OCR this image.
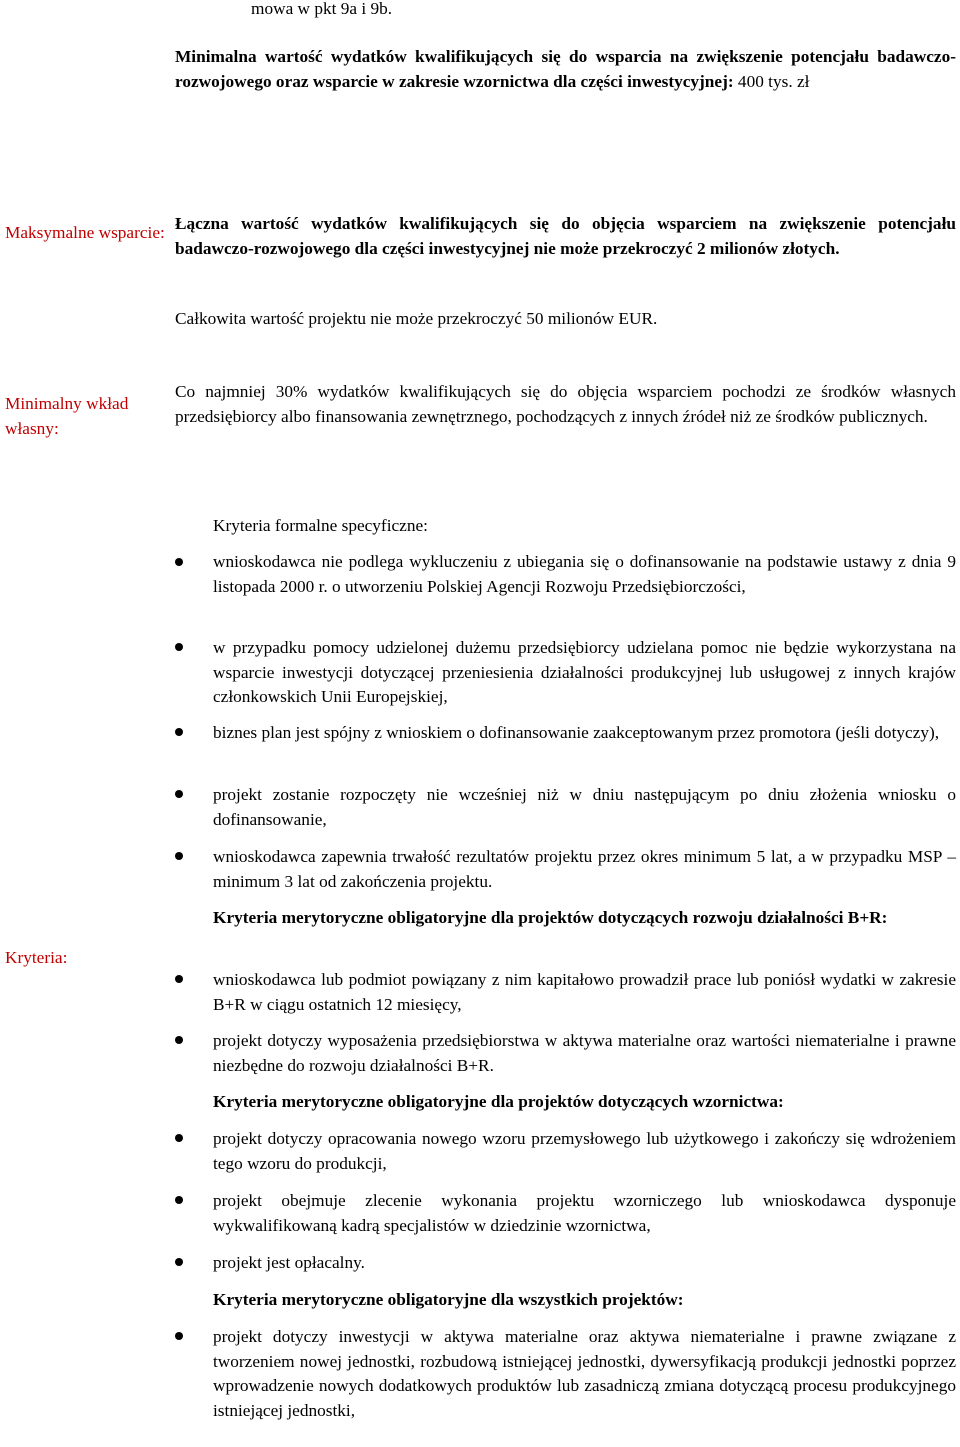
mowa w pkt 9a i 9b.

Minimalna wartość wydatków kwalifikujących się do wsparcia na zwiększenie potencjału badawczo-rozwojowego oraz wsparcie w zakresie wzornictwa dla części inwestycyjnej: 400 tys. zł

Maksymalne wsparcie: Łączna wartość wydatków kwalifikujących się do objęcia wsparciem na zwiększenie potencjału badawczo-rozwojowego dla części inwestycyjnej nie może przekroczyć 2 milionów złotych.

Całkowita wartość projektu nie może przekroczyć 50 milionów EUR.

Minimalny wkład własny:

Co najmniej 30% wydatków kwalifikujących się do objęcia wsparciem pochodzi ze środków własnych przedsiębiorcy albo finansowania zewnętrznego, pochodzących z innych źródeł niż ze środków publicznych.

Kryteria:
Kryteria formalne specyficzne:

wnioskodawca nie podlega wykluczeniu z ubiegania się o dofinansowanie na podstawie ustawy z dnia 9 listopada 2000 r. o utworzeniu Polskiej Agencji Rozwoju Przedsiębiorczości,

w przypadku pomocy udzielonej dużemu przedsiębiorcy udzielana pomoc nie będzie wykorzystana na wsparcie inwestycji dotyczącej przeniesienia działalności produkcyjnej lub usługowej z innych krajów członkowskich Unii Europejskiej,

biznes plan jest spójny z wnioskiem o dofinansowanie zaakceptowanym przez promotora (jeśli dotyczy),

projekt zostanie rozpoczęty nie wcześniej niż w dniu następującym po dniu złożenia wniosku o dofinansowanie,

wnioskodawca zapewnia trwałość rezultatów projektu przez okres minimum 5 lat, a w przypadku MSP – minimum 3 lat od zakończenia projektu.

Kryteria merytoryczne obligatoryjne dla projektów dotyczących rozwoju działalności B+R:

wnioskodawca lub podmiot powiązany z nim kapitałowo prowadził prace lub poniósł wydatki w zakresie B+R w ciągu ostatnich 12 miesięcy,

projekt dotyczy wyposażenia przedsiębiorstwa w aktywa materialne oraz wartości niematerialne i prawne niezbędne do rozwoju działalności B+R.

Kryteria merytoryczne obligatoryjne dla projektów dotyczących wzornictwa:

projekt dotyczy opracowania nowego wzoru przemysłowego lub użytkowego i zakończy się wdrożeniem tego wzoru do produkcji,

projekt obejmuje zlecenie wykonania projektu wzorniczego lub wnioskodawca dysponuje wykwalifikowaną kadrą specjalistów w dziedzinie wzornictwa,

projekt jest opłacalny.

Kryteria merytoryczne obligatoryjne dla wszystkich projektów:

projekt dotyczy inwestycji w aktywa materialne oraz aktywa niematerialne i prawne związane z tworzeniem nowej jednostki, rozbudową istniejącej jednostki, dywersyfikacją produkcji jednostki poprzez wprowadzenie nowych dodatkowych produktów lub zasadniczą zmiana dotyczącą procesu produkcyjnego istniejącej jednostki,
